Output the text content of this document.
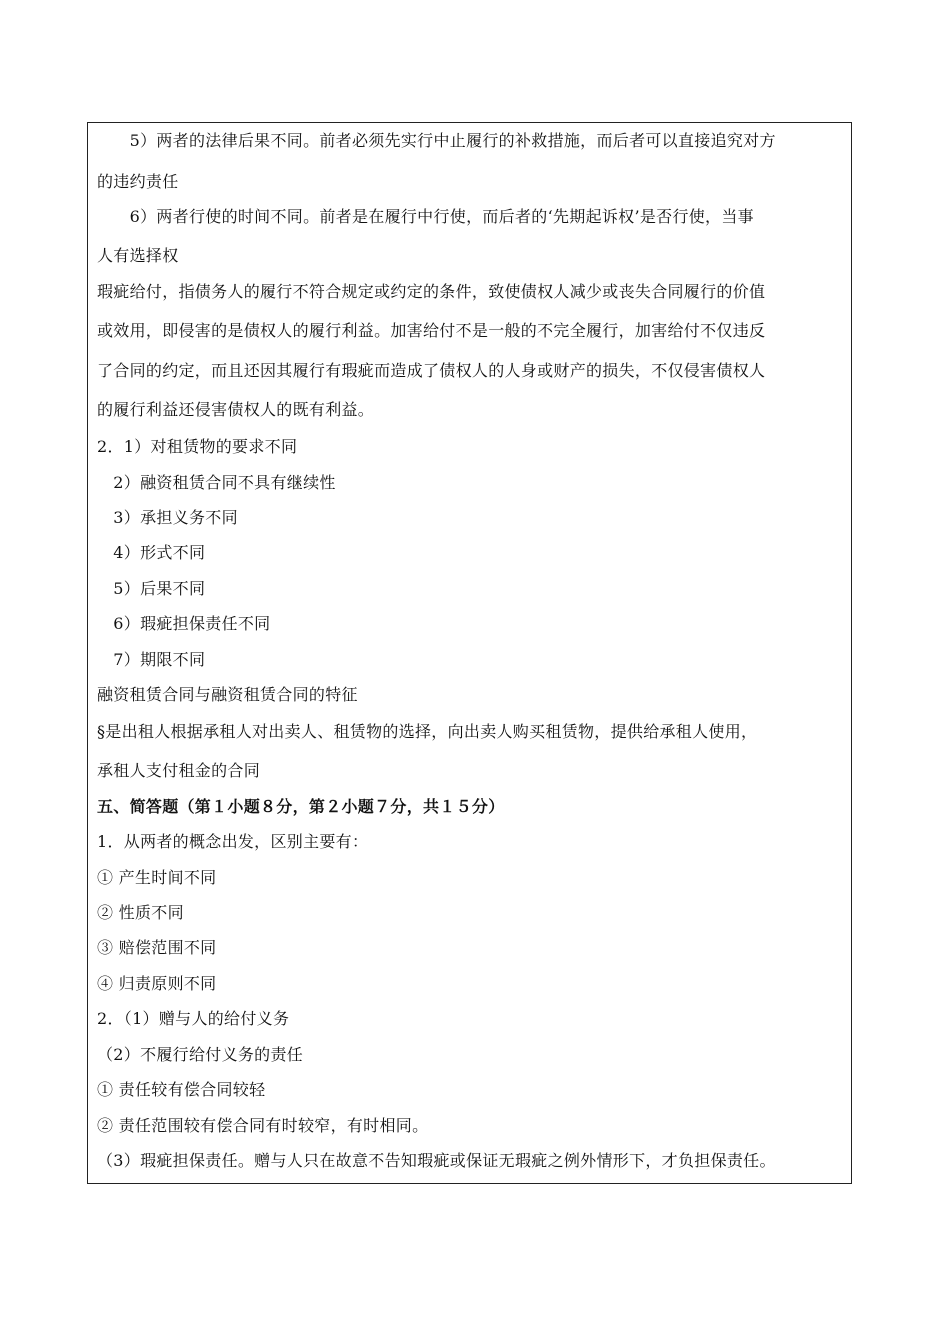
　　5）两者的法律后果不同。前者必须先实行中止履行的补救措施，而后者可以直接追究对方
的违约责任
　　6）两者行使的时间不同。前者是在履行中行使，而后者的‘先期起诉权’是否行使，当事
人有选择权
瑕疵给付，指债务人的履行不符合规定或约定的条件，致使债权人减少或丧失合同履行的价值
或效用，即侵害的是债权人的履行利益。加害给付不是一般的不完全履行，加害给付不仅违反
了合同的约定，而且还因其履行有瑕疵而造成了债权人的人身或财产的损失，不仅侵害债权人
的履行利益还侵害债权人的既有利益。
2．1）对租赁物的要求不同
　2）融资租赁合同不具有继续性
　3）承担义务不同
　4）形式不同
　5）后果不同
　6）瑕疵担保责任不同
　7）期限不同
融资租赁合同与融资租赁合同的特征
§是出租人根据承租人对出卖人、租赁物的选择，向出卖人购买租赁物，提供给承租人使用，
承租人支付租金的合同
五、简答题（第１小题８分，第２小题７分，共１５分）
1．从两者的概念出发，区别主要有：
① 产生时间不同
② 性质不同
③ 赔偿范围不同
④ 归责原则不同
2．（1）赠与人的给付义务
（2）不履行给付义务的责任
① 责任较有偿合同较轻
② 责任范围较有偿合同有时较窄，有时相同。
（3）瑕疵担保责任。赠与人只在故意不告知瑕疵或保证无瑕疵之例外情形下，才负担保责任。
